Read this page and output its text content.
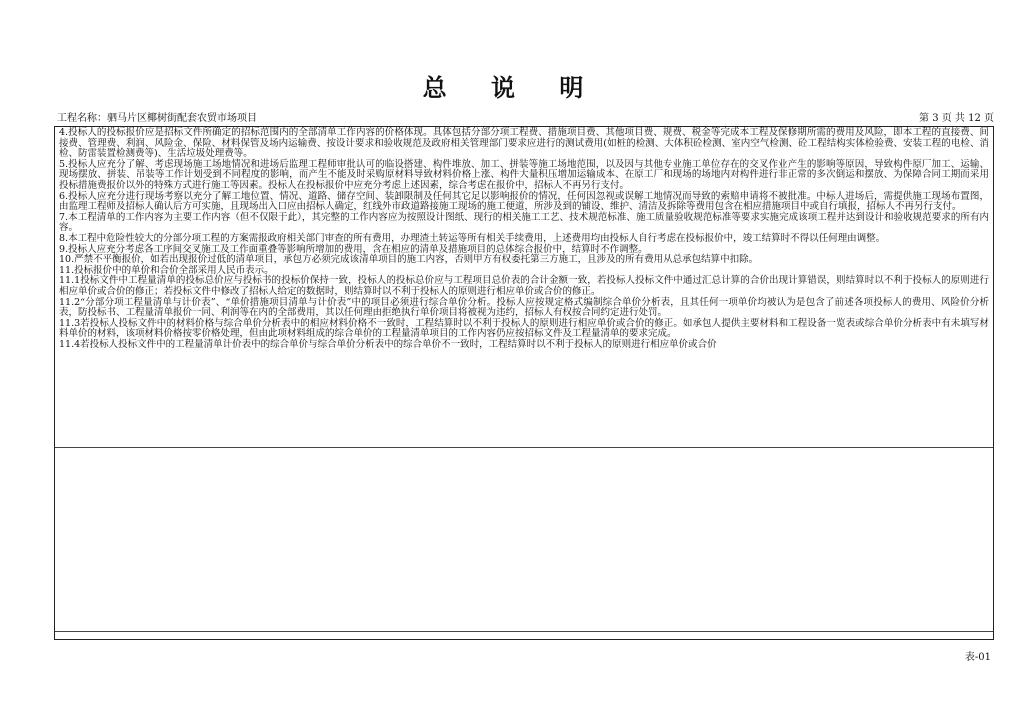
总 说 明
工程名称：驷马片区椰树街配套农贸市场项目	第 3 页 共 12 页

4.投标人的投标报价应是招标文件所确定的招标范围内的全部清单工作内容的价格体现。具体包括分部分项工程费、措施项目费、其他项目费、规费、税金等完成本工程及保修期所需的费用及风险，即本工程的直接费、间接费、管理费、利润、风险金、保险、材料保管及场内运输费、按设计要求和验收规范及政府相关管理部门要求应进行的测试费用(如桩的检测、大体积砼检测、室内空气检测、砼工程结构实体检验费、安装工程的电检、消检、防雷装置检测费等)、生活垃圾处理费等。

5.投标人应充分了解、考虑现场施工场地情况和进场后监理工程师审批认可的临设搭建、构件堆放、加工、拼装等施工场地范围，以及因与其他专业施工单位存在的交叉作业产生的影响等原因，导致构件原厂加工、运输、现场摆放、拼装、吊装等工作计划受到不同程度的影响，而产生不能及时采购原材料导致材料价格上涨、构件大量积压增加运输成本、在原工厂和现场的场地内对构件进行非正常的多次倒运和摆放、为保障合同工期而采用投标措施费报价以外的特殊方式进行施工等因素。投标人在投标报价中应充分考虑上述因素，综合考虑在报价中，招标人不再另行支付。

6.投标人应充分进行现场考察以充分了解工地位置、情况、道路、储存空间、装卸限制及任何其它足以影响报价的情况，任何因忽视或误解工地情况而导致的索赔申请将不被批准。中标人进场后，需提供施工现场布置图，由监理工程师及招标人确认后方可实施，且现场出入口应由招标人确定，红线外市政道路接施工现场的施工便道，所涉及到的铺设、维护、清洁及拆除等费用包含在相应措施项目中或自行填报，招标人不再另行支付。

7.本工程清单的工作内容为主要工作内容（但不仅限于此），其完整的工作内容应为按照设计图纸、现行的相关施工工艺、技术规范标准、施工质量验收规范标准等要求实施完成该项工程并达到设计和验收规范要求的所有内容。

8.本工程中危险性较大的分部分项工程的方案需报政府相关部门审查的所有费用，办理渣土转运等所有相关手续费用，上述费用均由投标人自行考虑在投标报价中，竣工结算时不得以任何理由调整。

9.投标人应充分考虑各工序间交叉施工及工作面重叠等影响所增加的费用，含在相应的清单及措施项目的总体综合报价中，结算时不作调整。

10.严禁不平衡报价，如若出现报价过低的清单项目，承包方必须完成该清单项目的施工内容，否则甲方有权委托第三方施工，且涉及的所有费用从总承包结算中扣除。

11.投标报价中的单价和合价全部采用人民币表示。

11.1投标文件中工程量清单的投标总价应与投标书的投标价保持一致，投标人的投标总价应与工程项目总价表的合计金额一致，若投标人投标文件中通过汇总计算的合价出现计算错误，则结算时以不利于投标人的原则进行相应单价或合价的修正；若投标文件中修改了招标人给定的数据时，则结算时以不利于投标人的原则进行相应单价或合价的修正。

11.2“分部分项工程量清单与计价表”、“单价措施项目清单与计价表”中的项目必须进行综合单价分析。投标人应按规定格式编制综合单价分析表，且其任何一项单价均被认为是包含了前述各项投标人的费用、风险价分析表，防投标书、工程量清单报价一同、利润等在内的全部费用，其以任何理由拒绝执行单价项目将被视为违约，招标人有权按合同约定进行处罚。

11.3若投标人投标文件中的材料价格与综合单价分析表中的相应材料价格不一致时，工程结算时以不利于投标人的原则进行相应单价或合价的修正。如承包人提供主要材料和工程设备一览表或综合单价分析表中有未填写材料单价的材料，该项材料价格按零价格处理，但由此项材料组成的综合单价的工程量清单项目的工作内容仍应按招标文件及工程量清单的要求完成。

11.4若投标人投标文件中的工程量清单计价表中的综合单价与综合单价分析表中的综合单价不一致时，工程结算时以不利于投标人的原则进行相应单价或合价

表-01
